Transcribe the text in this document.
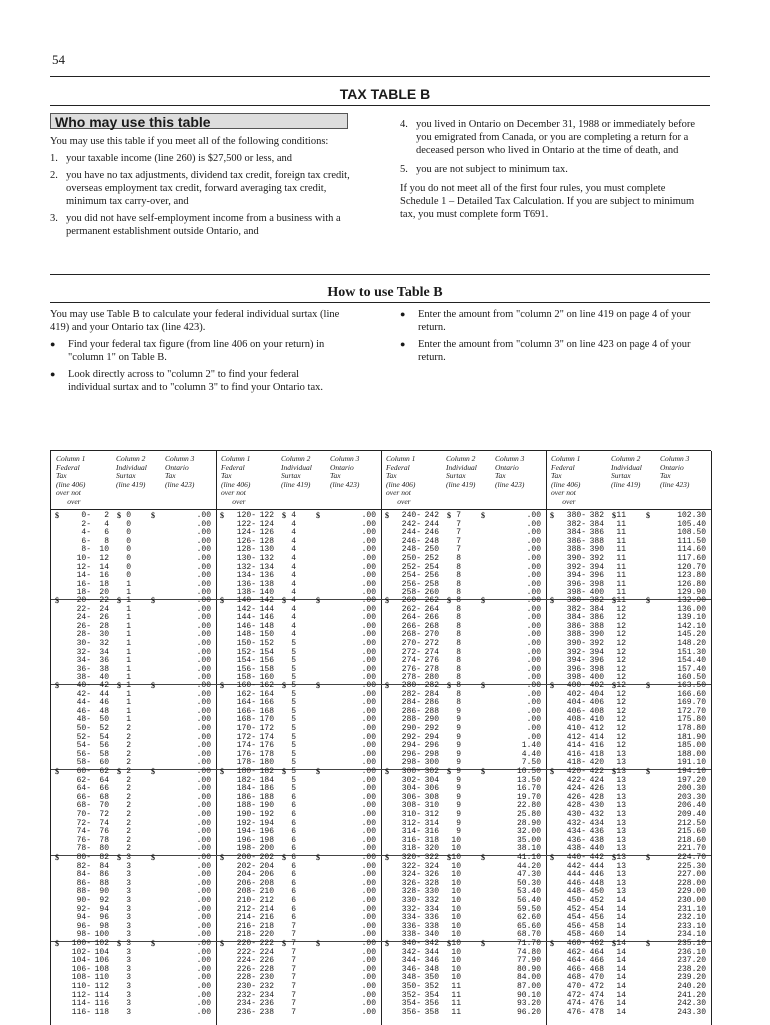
54
TAX TABLE B
Who may use this table
You may use this table if you meet all of the following conditions:
1. your taxable income (line 260) is $27,500 or less, and
2. you have no tax adjustments, dividend tax credit, foreign tax credit, overseas employment tax credit, forward averaging tax credit, minimum tax carry-over, and
3. you did not have self-employment income from a business with a permanent establishment outside Ontario, and
4. you lived in Ontario on December 31, 1988 or immediately before you emigrated from Canada, or you are completing a return for a deceased person who lived in Ontario at the time of death, and
5. you are not subject to minimum tax.
If you do not meet all of the first four rules, you must complete Schedule 1 – Detailed Tax Calculation. If you are subject to minimum tax, you must complete form T691.
How to use Table B
You may use Table B to calculate your federal individual surtax (line 419) and your Ontario tax (line 423).
●	Find your federal tax figure (from line 406 on your return) in "column 1" on Table B.
●	Look directly across to "column 2" to find your federal individual surtax and to "column 3" to find your Ontario tax.
●	Enter the amount from "column 2" on line 419 on page 4 of your return.
●	Enter the amount from "column 3" on line 423 on page 4 of your return.
Column 1
Federal
Tax
(line 406)
over not
over
Column 2
Individual
Surtax
(line 419)
Column 3
Ontario
Tax
(line 423)
$	$	$
0- 2 0	.00
2- 4 0	.00
4- 6 0	.00
6- 8 0	.00
8- 10 0	.00
10- 12 0	.00
12- 14 0	.00
14- 16 0	.00
16- 18 1	.00
18- 20 1	.00
$	$	$
20- 22 1	.00
22- 24 1	.00
24- 26 1	.00
26- 28 1	.00
28- 30 1	.00
30- 32 1	.00
32- 34 1	.00
34- 36 1	.00
36- 38 1	.00
38- 40 1	.00
$	$	$
40- 42 1	.00
42- 44 1	.00
44- 46 1	.00
46- 48 1	.00
48- 50 1	.00
50- 52 2	.00
52- 54 2	.00
54- 56 2	.00
56- 58 2	.00
58- 60 2	.00
$	$	$
60- 62 2	.00
62- 64 2	.00
64- 66 2	.00
66- 68 2	.00
68- 70 2	.00
70- 72 2	.00
72- 74 2	.00
74- 76 2	.00
76- 78 2	.00
78- 80 2	.00
$	$	$
80- 82 3	.00
82- 84 3	.00
84- 86 3	.00
86- 88 3	.00
88- 90 3	.00
90- 92 3	.00
92- 94 3	.00
94- 96 3	.00
96- 98 3	.00
98- 100 3	.00
$	$	$
100- 102 3	.00
102- 104 3	.00
104- 106 3	.00
106- 108 3	.00
108- 110 3	.00
110- 112 3	.00
112- 114 3	.00
114- 116 3	.00
116- 118 3	.00
Column 1
Federal
Tax
(line 406)
over not
over
Column 2
Individual
Surtax
(line 419)
Column 3
Ontario
Tax
(line 423)
$	$	$
120- 122 4	.00
122- 124 4	.00
124- 126 4	.00
126- 128 4	.00
128- 130 4	.00
130- 132 4	.00
132- 134 4	.00
134- 136 4	.00
136- 138 4	.00
138- 140 4	.00
$	$	$
140- 142 4	.00
142- 144 4	.00
144- 146 4	.00
146- 148 4	.00
148- 150 4	.00
150- 152 5	.00
152- 154 5	.00
154- 156 5	.00
156- 158 5	.00
158- 160 5	.00
$	$	$
160- 162 5	.00
162- 164 5	.00
164- 166 5	.00
166- 168 5	.00
168- 170 5	.00
170- 172 5	.00
172- 174 5	.00
174- 176 5	.00
176- 178 5	.00
178- 180 5	.00
$	$	$
180- 182 5	.00
182- 184 5	.00
184- 186 5	.00
186- 188 6	.00
188- 190 6	.00
190- 192 6	.00
192- 194 6	.00
194- 196 6	.00
196- 198 6	.00
198- 200 6	.00
$	$	$
200- 202 6	.00
202- 204 6	.00
204- 206 6	.00
206- 208 6	.00
208- 210 6	.00
210- 212 6	.00
212- 214 6	.00
214- 216 6	.00
216- 218 7	.00
218- 220 7	.00
$	$	$
220- 222 7	.00
222- 224 7	.00
224- 226 7	.00
226- 228 7	.00
228- 230 7	.00
230- 232 7	.00
232- 234 7	.00
234- 236 7	.00
236- 238 7	.00
Column 1
Federal
Tax
(line 406)
over not
over
Column 2
Individual
Surtax
(line 419)
Column 3
Ontario
Tax
(line 423)
$	$	$
240- 242 7	.00
242- 244 7	.00
244- 246 7	.00
246- 248 7	.00
248- 250 7	.00
250- 252 8	.00
252- 254 8	.00
254- 256 8	.00
256- 258 8	.00
258- 260 8	.00
$	$	$
260- 262 8	.00
262- 264 8	.00
264- 266 8	.00
266- 268 8	.00
268- 270 8	.00
270- 272 8	.00
272- 274 8	.00
274- 276 8	.00
276- 278 8	.00
278- 280 8	.00
$	$	$
280- 282 8	.00
282- 284 8	.00
284- 286 8	.00
286- 288 9	.00
288- 290 9	.00
290- 292 9	.00
292- 294 9	.00
294- 296 9	1.40
296- 298 9	4.40
298- 300 9	7.50
$	$	$
300- 302 9	10.50
302- 304 9	13.50
304- 306 9	16.70
306- 308 9	19.70
308- 310 9	22.80
310- 312 9	25.80
312- 314 9	28.90
314- 316 9	32.00
316- 318 10	35.00
318- 320 10	38.10
$	$	$
320- 322 10	41.10
322- 324 10	44.20
324- 326 10	47.30
326- 328 10	50.30
328- 330 10	53.40
330- 332 10	56.40
332- 334 10	59.50
334- 336 10	62.60
336- 338 10	65.60
338- 340 10	68.70
$	$	$
340- 342 10	71.70
342- 344 10	74.80
344- 346 10	77.90
346- 348 10	80.90
348- 350 10	84.00
350- 352 11	87.00
352- 354 11	90.10
354- 356 11	93.20
356- 358 11	96.20
Column 1
Federal
Tax
(line 406)
over not
over
Column 2
Individual
Surtax
(line 419)
Column 3
Ontario
Tax
(line 423)
$	$	$
380- 382 11	102.30
382- 384 11	105.40
384- 386 11	108.50
386- 388 11	111.50
388- 390 11	114.60
390- 392 11	117.60
392- 394 11	120.70
394- 396 11	123.80
396- 398 11	126.80
398- 400 11	129.90
$	$	$
380- 382 11	132.90
382- 384 12	136.00
384- 386 12	139.10
386- 388 12	142.10
388- 390 12	145.20
390- 392 12	148.20
392- 394 12	151.30
394- 396 12	154.40
396- 398 12	157.40
398- 400 12	160.50
$	$	$
400- 402 12	163.50
402- 404 12	166.60
404- 406 12	169.70
406- 408 12	172.70
408- 410 12	175.80
410- 412 12	178.80
412- 414 12	181.90
414- 416 12	185.00
416- 418 13	188.00
418- 420 13	191.10
$	$	$
420- 422 13	194.10
422- 424 13	197.20
424- 426 13	200.30
426- 428 13	203.30
428- 430 13	206.40
430- 432 13	209.40
432- 434 13	212.50
434- 436 13	215.60
436- 438 13	218.60
438- 440 13	221.70
$	$	$
440- 442 13	224.70
442- 444 13	225.30
444- 446 13	227.00
446- 448 13	228.00
448- 450 13	229.00
450- 452 14	230.00
452- 454 14	231.10
454- 456 14	232.10
456- 458 14	233.10
458- 460 14	234.10
$	$	$
460- 462 14	235.10
462- 464 14	236.10
464- 466 14	237.20
466- 468 14	238.20
468- 470 14	239.20
470- 472 14	240.20
472- 474 14	241.20
474- 476 14	242.30
476- 478 14	243.30
